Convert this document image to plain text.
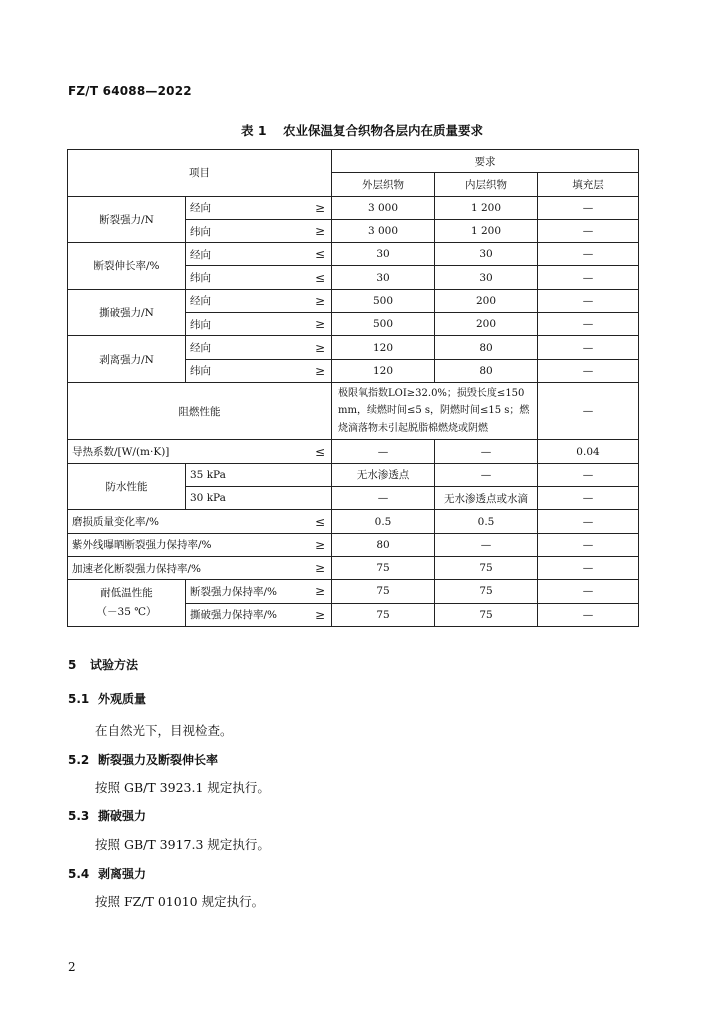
FZ/T 64088—2022
表 1 农业保温复合织物各层内在质量要求
项目			要求		
			外层织物	内层织物	填充层
断裂强力/N	经向	≥	3 000	1 200	—
	纬向	≥	3 000	1 200	—
断裂伸长率/%	经向	≤	30	30	—
	纬向	≤	30	30	—
撕破强力/N	经向	≥	500	200	—
	纬向	≥	500	200	—
剥离强力/N	经向	≥	120	80	—
	纬向	≥	120	80	—
阻燃性能			极限氧指数LOI≥32.0%；损毁长度≤150 mm，续燃时间≤5 s，阴燃时间≤15 s；燃烧滴落物未引起脱脂棉燃烧或阴燃		—
导热系数/[W/(m·K)]		≤	—	—	0.04
防水性能	35 kPa		无水渗透点	—	—
	30 kPa		—	无水渗透点或水滴	—
磨损质量变化率/%		≤	0.5	0.5	—
紫外线曝晒断裂强力保持率/%		≥	80	—	—
加速老化断裂强力保持率/%		≥	75	75	—

耐低温性能
（－35 ℃）	断裂强力保持率/%	≥	75	75	—
	撕破强力保持率/%	≥	75	75	—
5 试验方法
5.1 外观质量
在自然光下，目视检查。
5.2 断裂强力及断裂伸长率
按照 GB/T 3923.1 规定执行。
5.3 撕破强力
按照 GB/T 3917.3 规定执行。
5.4 剥离强力
按照 FZ/T 01010 规定执行。
2
